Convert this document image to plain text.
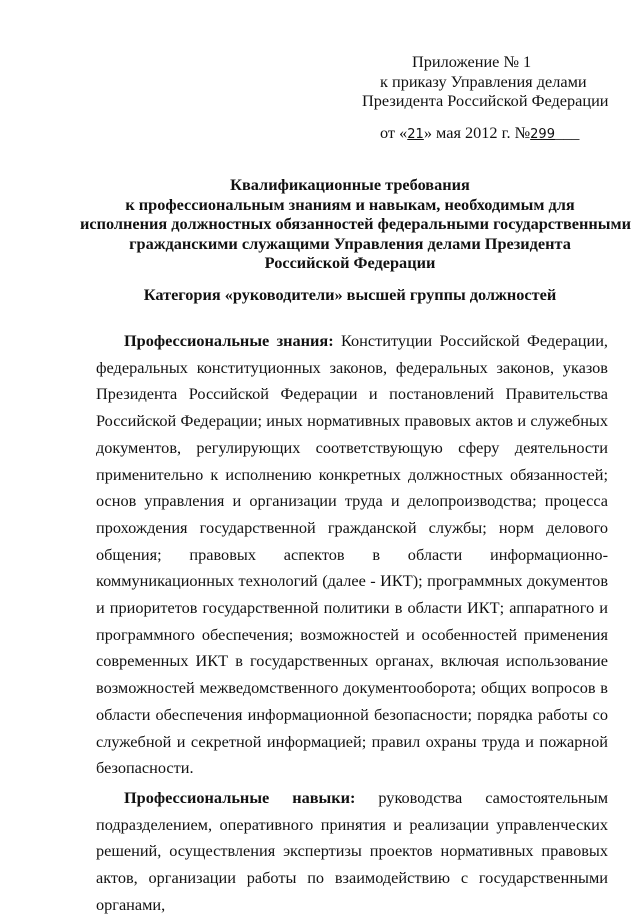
Приложение № 1
к приказу Управления делами
Президента Российской Федерации
от «21» мая 2012 г. №299___
Квалификационные требования
к профессиональным знаниям и навыкам, необходимым для
исполнения должностных обязанностей федеральными государственными
гражданскими служащими Управления делами Президента
Российской Федерации
Категория «руководители» высшей группы должностей

Профессиональные знания: Конституции Российской Федерации, федеральных конституционных законов, федеральных законов, указов Президента Российской Федерации и постановлений Правительства Российской Федерации; иных нормативных правовых актов и служебных документов, регулирующих соответствующую сферу деятельности применительно к исполнению конкретных должностных обязанностей; основ управления и организации труда и делопроизводства; процесса прохождения государственной гражданской службы; норм делового общения; правовых аспектов в области информационно-коммуникационных технологий (далее - ИКТ); программных документов и приоритетов государственной политики в области ИКТ; аппаратного и программного обеспечения; возможностей и особенностей применения современных ИКТ в государственных органах, включая использование возможностей межведомственного документооборота; общих вопросов в области обеспечения информационной безопасности; порядка работы со служебной и секретной информацией; правил охраны труда и пожарной безопасности.

Профессиональные навыки: руководства самостоятельным подразделением, оперативного принятия и реализации управленческих решений, осуществления экспертизы проектов нормативных правовых актов, организации работы по взаимодействию с государственными органами,
